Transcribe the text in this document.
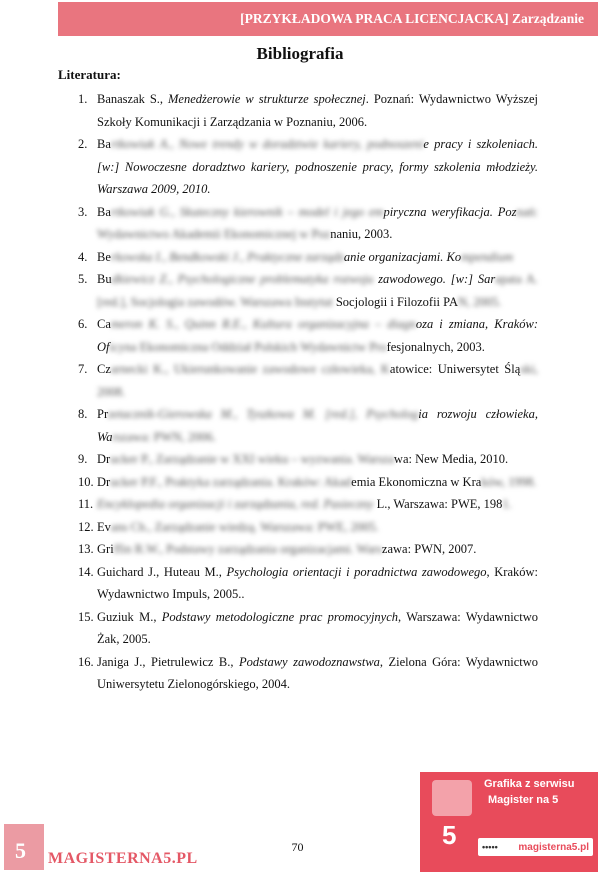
[PRZYKŁADOWA PRACA LICENCJACKA] Zarządzanie
Bibliografia
Literatura:
1. Banaszak S., Menedżerowie w strukturze społecznej. Poznań: Wydawnictwo Wyższej Szkoły Komunikacji i Zarządzania w Poznaniu, 2006.
2. Bartkowiak A., Nowe trendy w doradztwie kariery, podnoszenie pracy i szkoleniach. [w:] Nowoczesne doradztwo kariery, podnoszenie pracy, formy szkolenia młodzieży. Warszawa 2009, 2010.
3. Bartkowiak G., Skuteczny kierownik – model i jego empiryczna weryfikacja. Poznań: Wydawnictwo Akademii Ekonomicznej w Poznaniu, 2003.
4. Berkowska I., Bendkowski J., Praktyczne zarządzanie organizacjami. Kompendium
5. Budkiewicz Z., Psychologiczne problematyka rozwoju zawodowego. [w:] Sarapata A. [red.], Socjologia zawodów. Warszawa Instytut Socjologii i Filozofii PAN, 2005.
6. Cameron K. S., Quinn R.E., Kultura organizacyjna – diagnoza i zmiana, Kraków: Oficyna Ekonomiczna Oddział Polskich Wydawnictw Profesjonalnych, 2003.
7. Czarnecki K., Ukierunkowanie zawodowe człowieka, Katowice: Uniwersytet Śląski, 2008.
8. Przetacznik-Gierowska M., Tyszkowa M. [red.], Psychologia rozwoju człowieka, Warszawa: PWN, 2006.
9. Drucker P., Zarządzanie w XXI wieku – wyzwania. Warszawa: New Media, 2010.
10. Drucker P.F., Praktyka zarządzania. Kraków: Akademia Ekonomiczna w Kraków, 1998.
11. Encyklopedia organizacji i zarządzania, red. Pasieczny L., Warszawa: PWE, 1981.
12. Evans Ch., Zarządzanie wiedzą. Warszawa: PWE, 2005.
13. Griffin R.W., Podstawy zarządzania organizacjami. Warszawa: PWN, 2007.
14. Guichard J., Huteau M., Psychologia orientacji i poradnictwa zawodowego, Kraków: Wydawnictwo Impuls, 2005..
15. Guziuk M., Podstawy metodologiczne prac promocyjnych, Warszawa: Wydawnictwo Żak, 2005.
16. Janiga J., Pietrulewicz B., Podstawy zawodoznawstwa, Zielona Góra: Wydawnictwo Uniwersytetu Zielonogórskiego, 2004.
70
5 MAGISTERNA5.PL
Grafika z serwisu
Magister na 5
5	••••• magisterna5.pl
